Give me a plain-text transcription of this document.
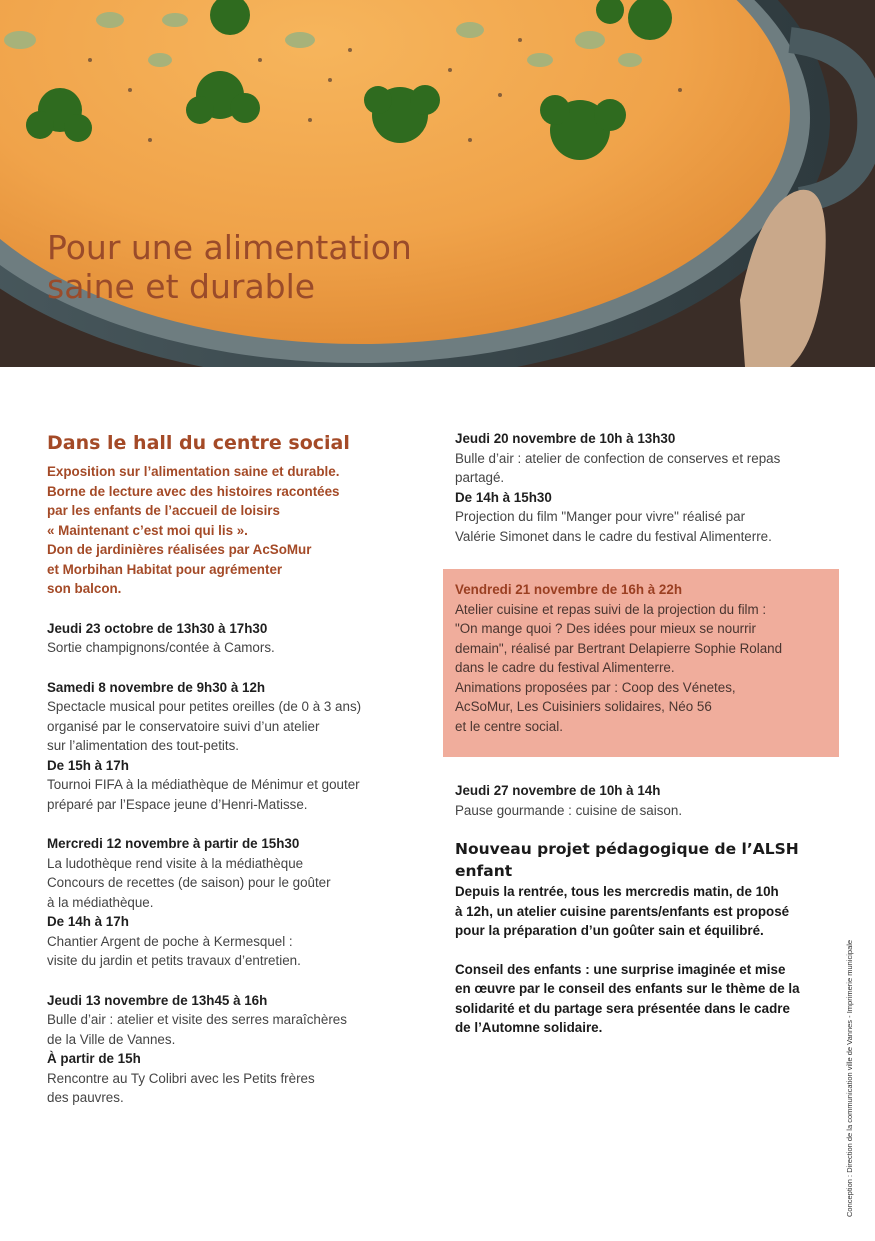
Pour une alimentation
saine et durable
Dans le hall du centre social

Exposition sur l’alimentation saine et durable.

Borne de lecture avec des histoires racontées

par les enfants de l’accueil de loisirs

« Maintenant c’est moi qui lis ».

Don de jardinières réalisées par AcSoMur

et Morbihan Habitat pour agrémenter

son balcon.

Jeudi 23 octobre de 13h30 à 17h30
Sortie champignons/contée à Camors.
Samedi 8 novembre de 9h30 à 12h
Spectacle musical pour petites oreilles (de 0 à 3 ans)
organisé par le conservatoire suivi d’un atelier
sur l’alimentation des tout-petits.
De 15h à 17h
Tournoi FIFA à la médiathèque de Ménimur et gouter
préparé par l’Espace jeune d’Henri-Matisse.
Mercredi 12 novembre à partir de 15h30
La ludothèque rend visite à la médiathèque
Concours de recettes (de saison) pour le goûter
à la médiathèque.
De 14h à 17h
Chantier Argent de poche à Kermesquel :
visite du jardin et petits travaux d’entretien.
Jeudi 13 novembre de 13h45 à 16h
Bulle d’air : atelier et visite des serres maraîchères
de la Ville de Vannes.
À partir de 15h
Rencontre au Ty Colibri avec les Petits frères
des pauvres.
Jeudi 20 novembre de 10h à 13h30
Bulle d’air : atelier de confection de conserves et repas
partagé.
De 14h à 15h30
Projection du film "Manger pour vivre" réalisé par
Valérie Simonet dans le cadre du festival Alimenterre.
Vendredi 21 novembre de 16h à 22h
Atelier cuisine et repas suivi de la projection du film :
"On mange quoi ? Des idées pour mieux se nourrir
demain", réalisé par Bertrant Delapierre Sophie Roland
dans le cadre du festival Alimenterre.
Animations proposées par : Coop des Vénetes,
AcSoMur, Les Cuisiniers solidaires, Néo 56
et le centre social.
Jeudi 27 novembre de 10h à 14h
Pause gourmande : cuisine de saison.
Nouveau projet pédagogique de l’ALSH enfant

Depuis la rentrée, tous les mercredis matin, de 10h

à 12h, un atelier cuisine parents/enfants est proposé

pour la préparation d’un goûter sain et équilibré.

Conseil des enfants : une surprise imaginée et mise

en œuvre par le conseil des enfants sur le thème de la

solidarité et du partage sera présentée dans le cadre

de l’Automne solidaire.	Conception : Direction de la communication ville de Vannes - Imprimerie municipale
